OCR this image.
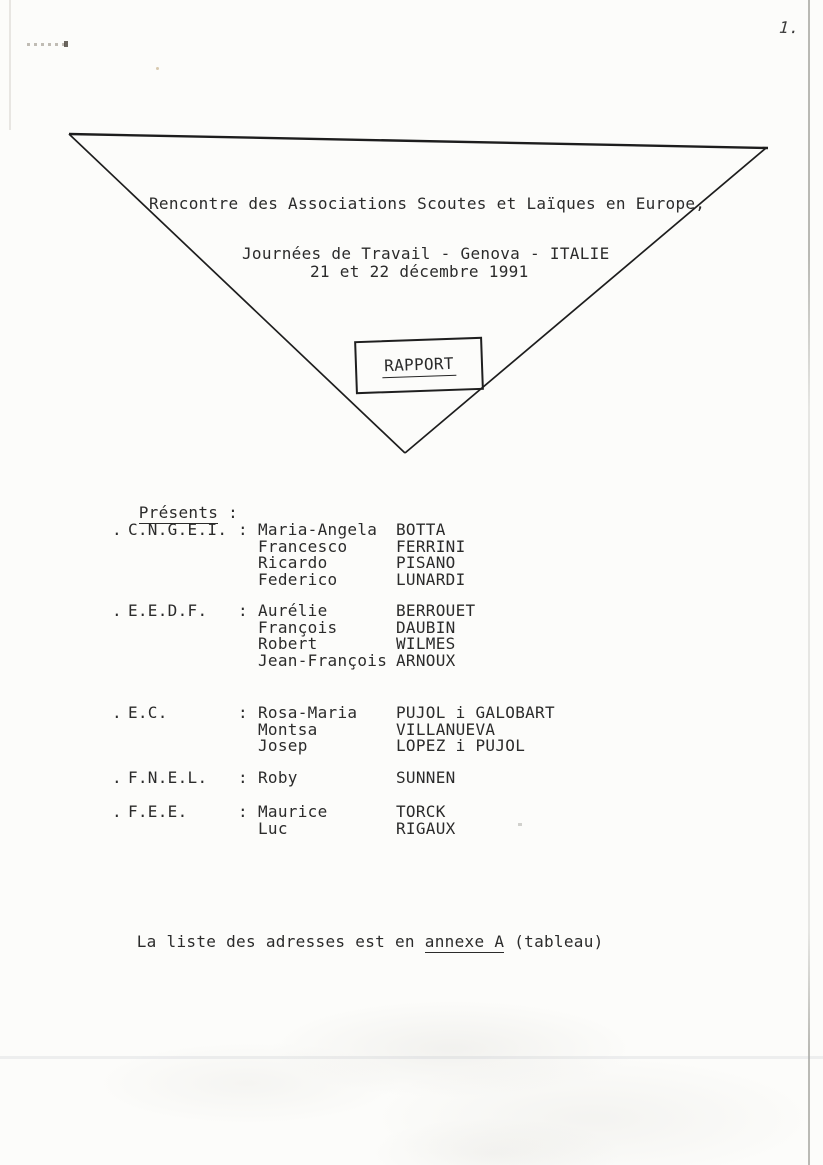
1.
Rencontre des Associations Scoutes et Laïques en Europe,
Journées de Travail - Genova - ITALIE
21 et 22 décembre 1991
RAPPORT

Présents :

. C.N.G.E.I. : Maria-Angela	BOTTA
Francesco	FERRINI
Ricardo	PISANO
Federico	LUNARDI
. E.E.D.F.	: Aurélie	BERROUET
François	DAUBIN
Robert	WILMES
Jean-François ARNOUX
. E.C.	: Rosa-Maria	PUJOL i GALOBART
Montsa	VILLANUEVA
Josep	LOPEZ i PUJOL
. F.N.E.L.	: Roby	SUNNEN
. F.E.E.	: Maurice	TORCK
Luc	RIGAUX

La liste des adresses est en annexe A (tableau)
